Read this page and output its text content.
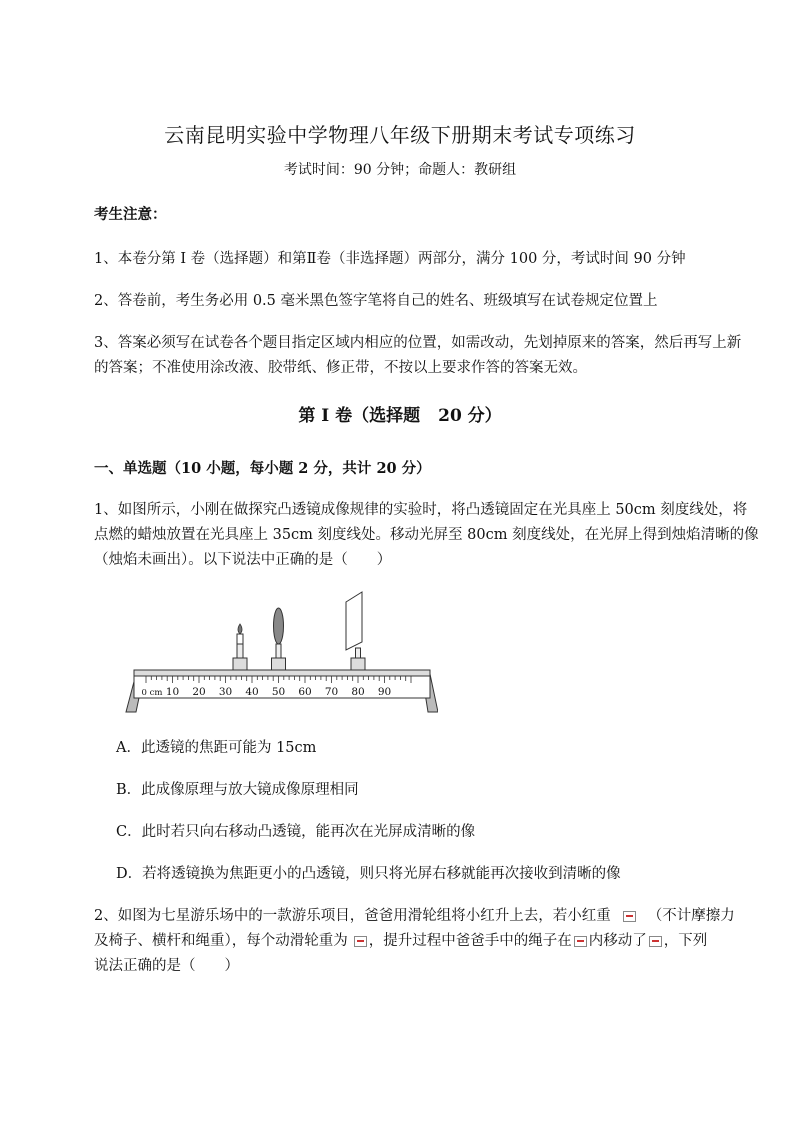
云南昆明实验中学物理八年级下册期末考试专项练习
考试时间：90 分钟；命题人：教研组
考生注意：
1、本卷分第 I 卷（选择题）和第Ⅱ卷（非选择题）两部分，满分 100 分，考试时间 90 分钟
2、答卷前，考生务必用 0.5 毫米黑色签字笔将自己的姓名、班级填写在试卷规定位置上
3、答案必须写在试卷各个题目指定区域内相应的位置，如需改动，先划掉原来的答案，然后再写上新
的答案；不准使用涂改液、胶带纸、修正带，不按以上要求作答的答案无效。
第 I 卷（选择题 20 分）
一、单选题（10 小题，每小题 2 分，共计 20 分）
1、如图所示，小刚在做探究凸透镜成像规律的实验时，将凸透镜固定在光具座上 50cm 刻度线处，将
点燃的蜡烛放置在光具座上 35cm 刻度线处。移动光屏至 80cm 刻度线处，在光屏上得到烛焰清晰的像
（烛焰未画出）。以下说法中正确的是（　　）
0 cm 10 20 30 40 50 60 70 80 90
A．此透镜的焦距可能为 15cm
B．此成像原理与放大镜成像原理相同
C．此时若只向右移动凸透镜，能再次在光屏成清晰的像
D．若将透镜换为焦距更小的凸透镜，则只将光屏右移就能再次接收到清晰的像
2、如图为七星游乐场中的一款游乐项目，爸爸用滑轮组将小红升上去，若小红重	（不计摩擦力
及椅子、横杆和绳重），每个动滑轮重为 ，提升过程中爸爸手中的绳子在 内移动了 ，下列
说法正确的是（　　）
